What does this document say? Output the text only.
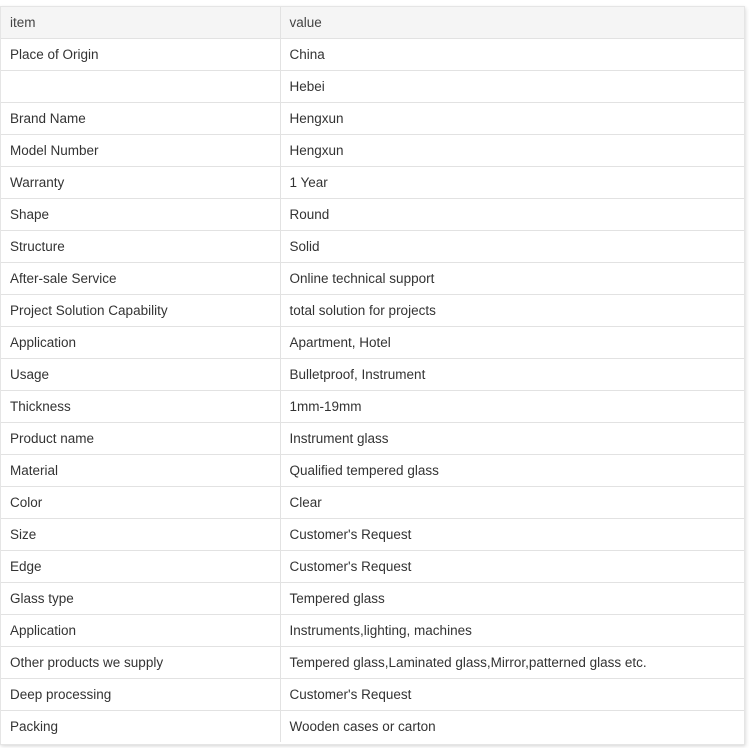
item	value
Place of Origin	China
	Hebei
Brand Name	Hengxun
Model Number	Hengxun
Warranty	1 Year
Shape	Round
Structure	Solid
After-sale Service	Online technical support
Project Solution Capability	total solution for projects
Application	Apartment, Hotel
Usage	Bulletproof, Instrument
Thickness	1mm-19mm
Product name	Instrument glass
Material	Qualified tempered glass
Color	Clear
Size	Customer's Request
Edge	Customer's Request
Glass type	Tempered glass
Application	Instruments,lighting, machines
Other products we supply	Tempered glass,Laminated glass,Mirror,patterned glass etc.
Deep processing	Customer's Request
Packing	Wooden cases or carton
